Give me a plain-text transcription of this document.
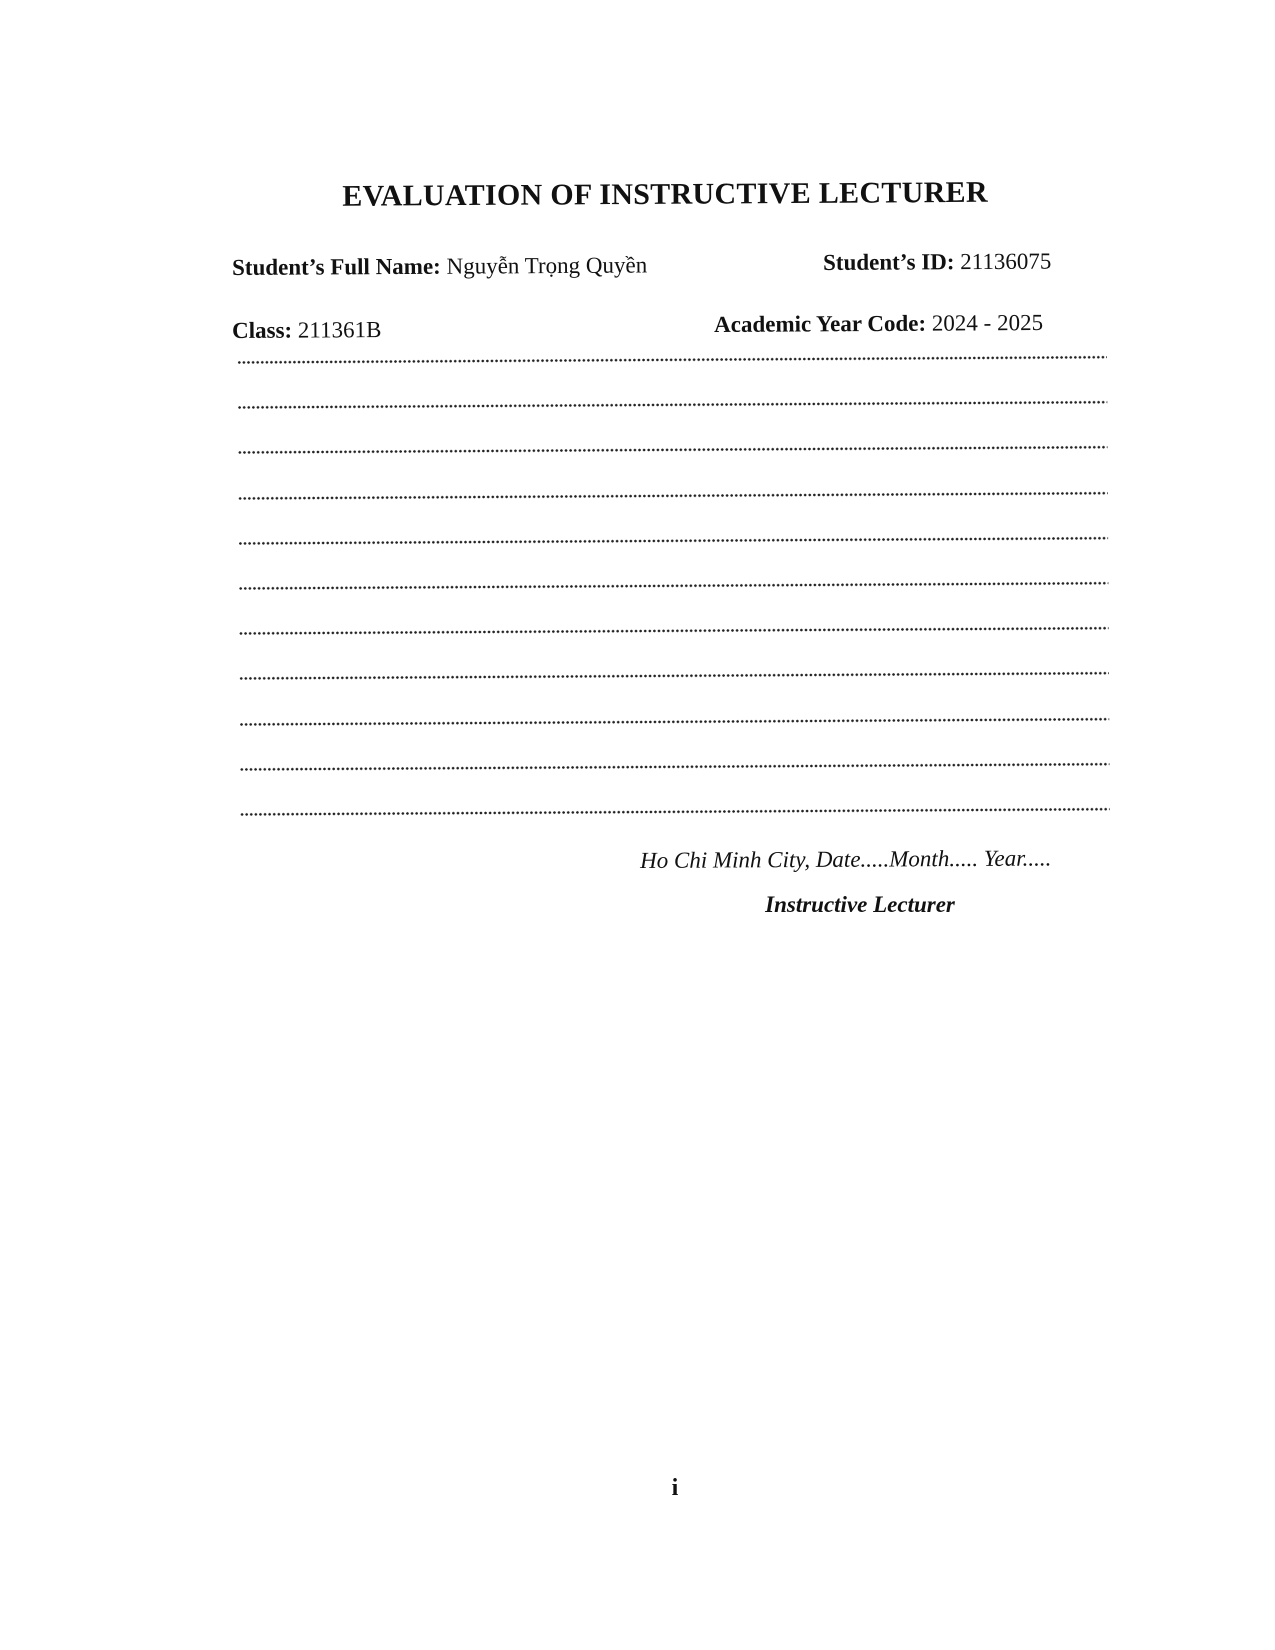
EVALUATION OF INSTRUCTIVE LECTURER
Student’s Full Name: Nguyễn Trọng Quyền	Student’s ID: 21136075
Class: 211361B	Academic Year Code: 2024 - 2025
Ho Chi Minh City, Date.....Month..... Year.....
Instructive Lecturer
i
